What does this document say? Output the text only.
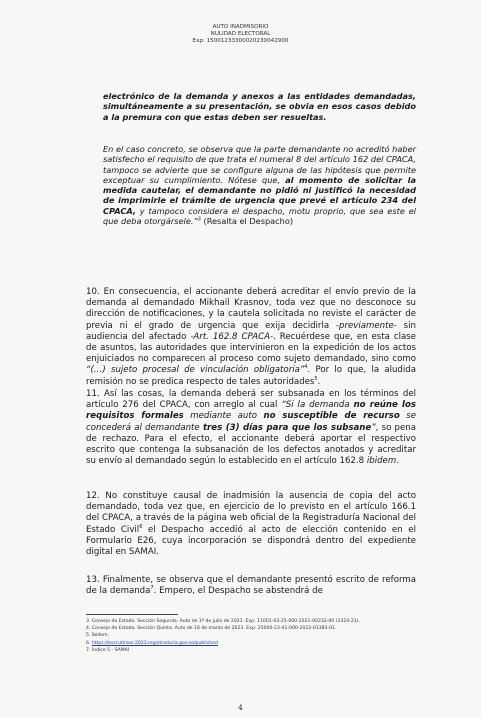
AUTO INADMISORIO
NULIDAD ELECTORAL
Exp: 15001233300020230042900
electrónico de la demanda y anexos a las entidades demandadas, simultáneamente a su presentación, se obvia en esos casos debido a la premura con que estas deben ser resueltas.
En el caso concreto, se observa que la parte demandante no acreditó haber satisfecho el requisito de que trata el numeral 8 del artículo 162 del CPACA, tampoco se advierte que se configure alguna de las hipótesis que permite exceptuar su cumplimiento. Nótese que, al momento de solicitar la medida cautelar, el demandante no pidió ni justificó la necesidad de imprimirle el trámite de urgencia que prevé el artículo 234 del CPACA, y tampoco considera el despacho, motu proprio, que sea este el que deba otorgársele.”$^3$ (Resalta el Despacho)
10. En consecuencia, el accionante deberá acreditar el envío previo de la demanda al demandado Mikhail Krasnov, toda vez que no desconoce su dirección de notificaciones, y la cautela solicitada no reviste el carácter de previa ni el grado de urgencia que exija decidirla -previamente- sin audiencia del afectado -Art. 162.8 CPACA-. Recuérdese que, en esta clase de asuntos, las autoridades que intervinieron en la expedición de los actos enjuiciados no comparecen al proceso como sujeto demandado, sino como “(…) sujeto procesal de vinculación obligatoria”$^4$. Por lo que, la aludida remisión no se predica respecto de tales autoridades$^5$.
11. Así las cosas, la demanda deberá ser subsanada en los términos del artículo 276 del CPACA, con arreglo al cual “Si la demanda no reúne los requisitos formales mediante auto no susceptible de recurso se concederá al demandante tres (3) días para que los subsane”, so pena de rechazo. Para el efecto, el accionante deberá aportar el respectivo escrito que contenga la subsanación de los defectos anotados y acreditar su envío al demandado según lo establecido en el artículo 162.8 ibidem.
12. No constituye causal de inadmisión la ausencia de copia del acto demandado, toda vez que, en ejercicio de lo previsto en el artículo 166.1 del CPACA, a través de la página web oficial de la Registraduría Nacional del Estado Civil$^6$ el Despacho accedió al acto de elección contenido en el Formulario E26, cuya incorporación se dispondrá dentro del expediente digital en SAMAI.
13. Finalmente, se observa que el demandante presentó escrito de reforma de la demanda$^7$. Empero, el Despacho se abstendrá de
3. Consejo de Estado. Sección Segunda. Auto de 1º de julio de 2021. Exp: 11001-03-25-000-2021-00232-00 (1424-21).
4. Consejo de Estado. Sección Quinta. Auto de 16 de marzo de 2023. Exp: 25000-23-41-000-2022-01383-01.
5. Ibídem.
6. https://escrutinios-2023.registraduria.gov.co/published
7. Índice 5 - SAMAI
4
